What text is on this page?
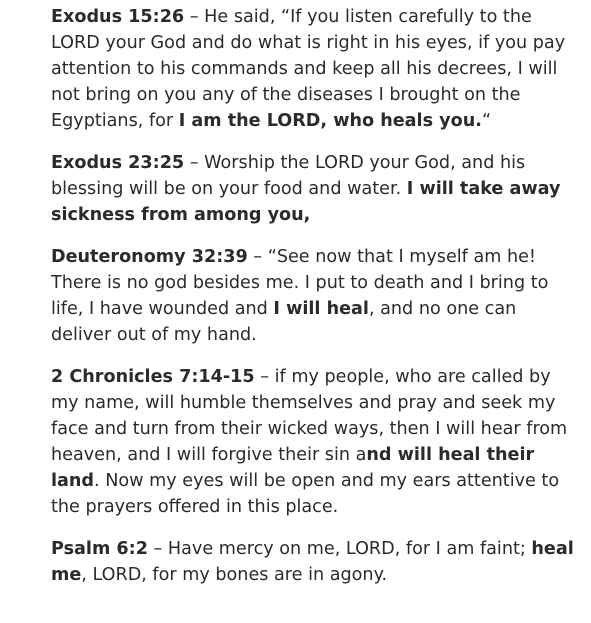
Exodus 15:26 – He said, “If you listen carefully to the LORD your God and do what is right in his eyes, if you pay attention to his commands and keep all his decrees, I will not bring on you any of the diseases I brought on the Egyptians, for I am the LORD, who heals you.“

Exodus 23:25 – Worship the LORD your God, and his blessing will be on your food and water. I will take away sickness from among you,

Deuteronomy 32:39 – “See now that I myself am he! There is no god besides me. I put to death and I bring to life, I have wounded and I will heal, and no one can deliver out of my hand.

2 Chronicles 7:14-15 – if my people, who are called by my name, will humble themselves and pray and seek my face and turn from their wicked ways, then I will hear from heaven, and I will forgive their sin and will heal their land. Now my eyes will be open and my ears attentive to the prayers offered in this place.

Psalm 6:2 – Have mercy on me, LORD, for I am faint; heal me, LORD, for my bones are in agony.
